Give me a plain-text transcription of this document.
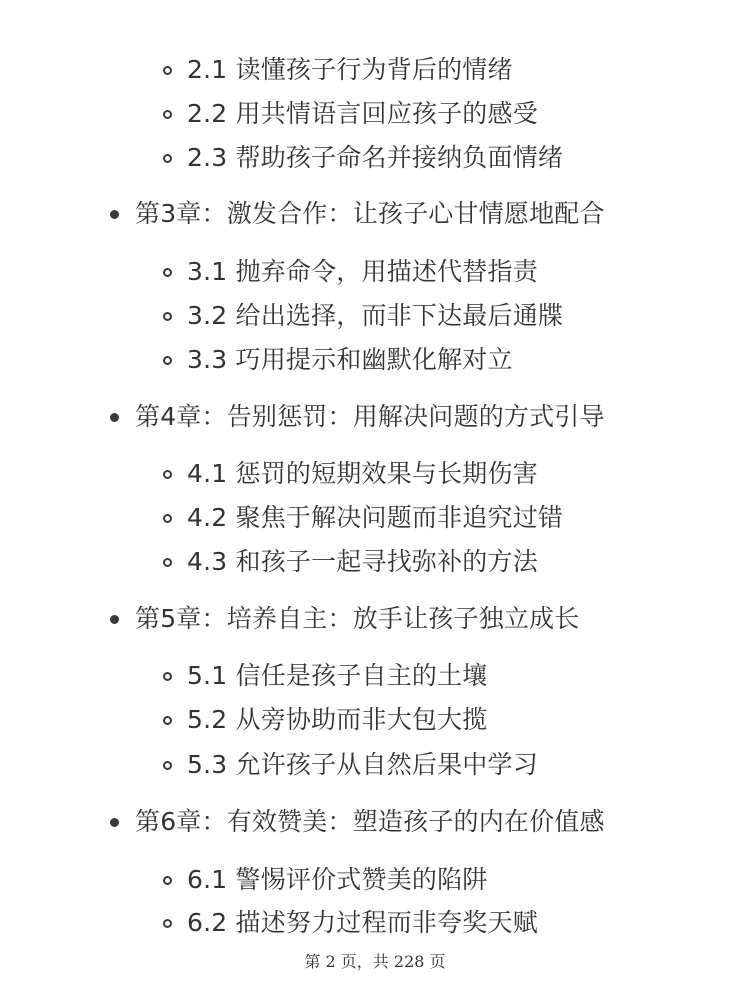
2.1 读懂孩子行为背后的情绪
2.2 用共情语言回应孩子的感受
2.3 帮助孩子命名并接纳负面情绪
第3章：激发合作：让孩子心甘情愿地配合
3.1 抛弃命令，用描述代替指责
3.2 给出选择，而非下达最后通牒
3.3 巧用提示和幽默化解对立
第4章：告别惩罚：用解决问题的方式引导
4.1 惩罚的短期效果与长期伤害
4.2 聚焦于解决问题而非追究过错
4.3 和孩子一起寻找弥补的方法
第5章：培养自主：放手让孩子独立成长
5.1 信任是孩子自主的土壤
5.2 从旁协助而非大包大揽
5.3 允许孩子从自然后果中学习
第6章：有效赞美：塑造孩子的内在价值感
6.1 警惕评价式赞美的陷阱
6.2 描述努力过程而非夸奖天赋
第 2 页，共 228 页
